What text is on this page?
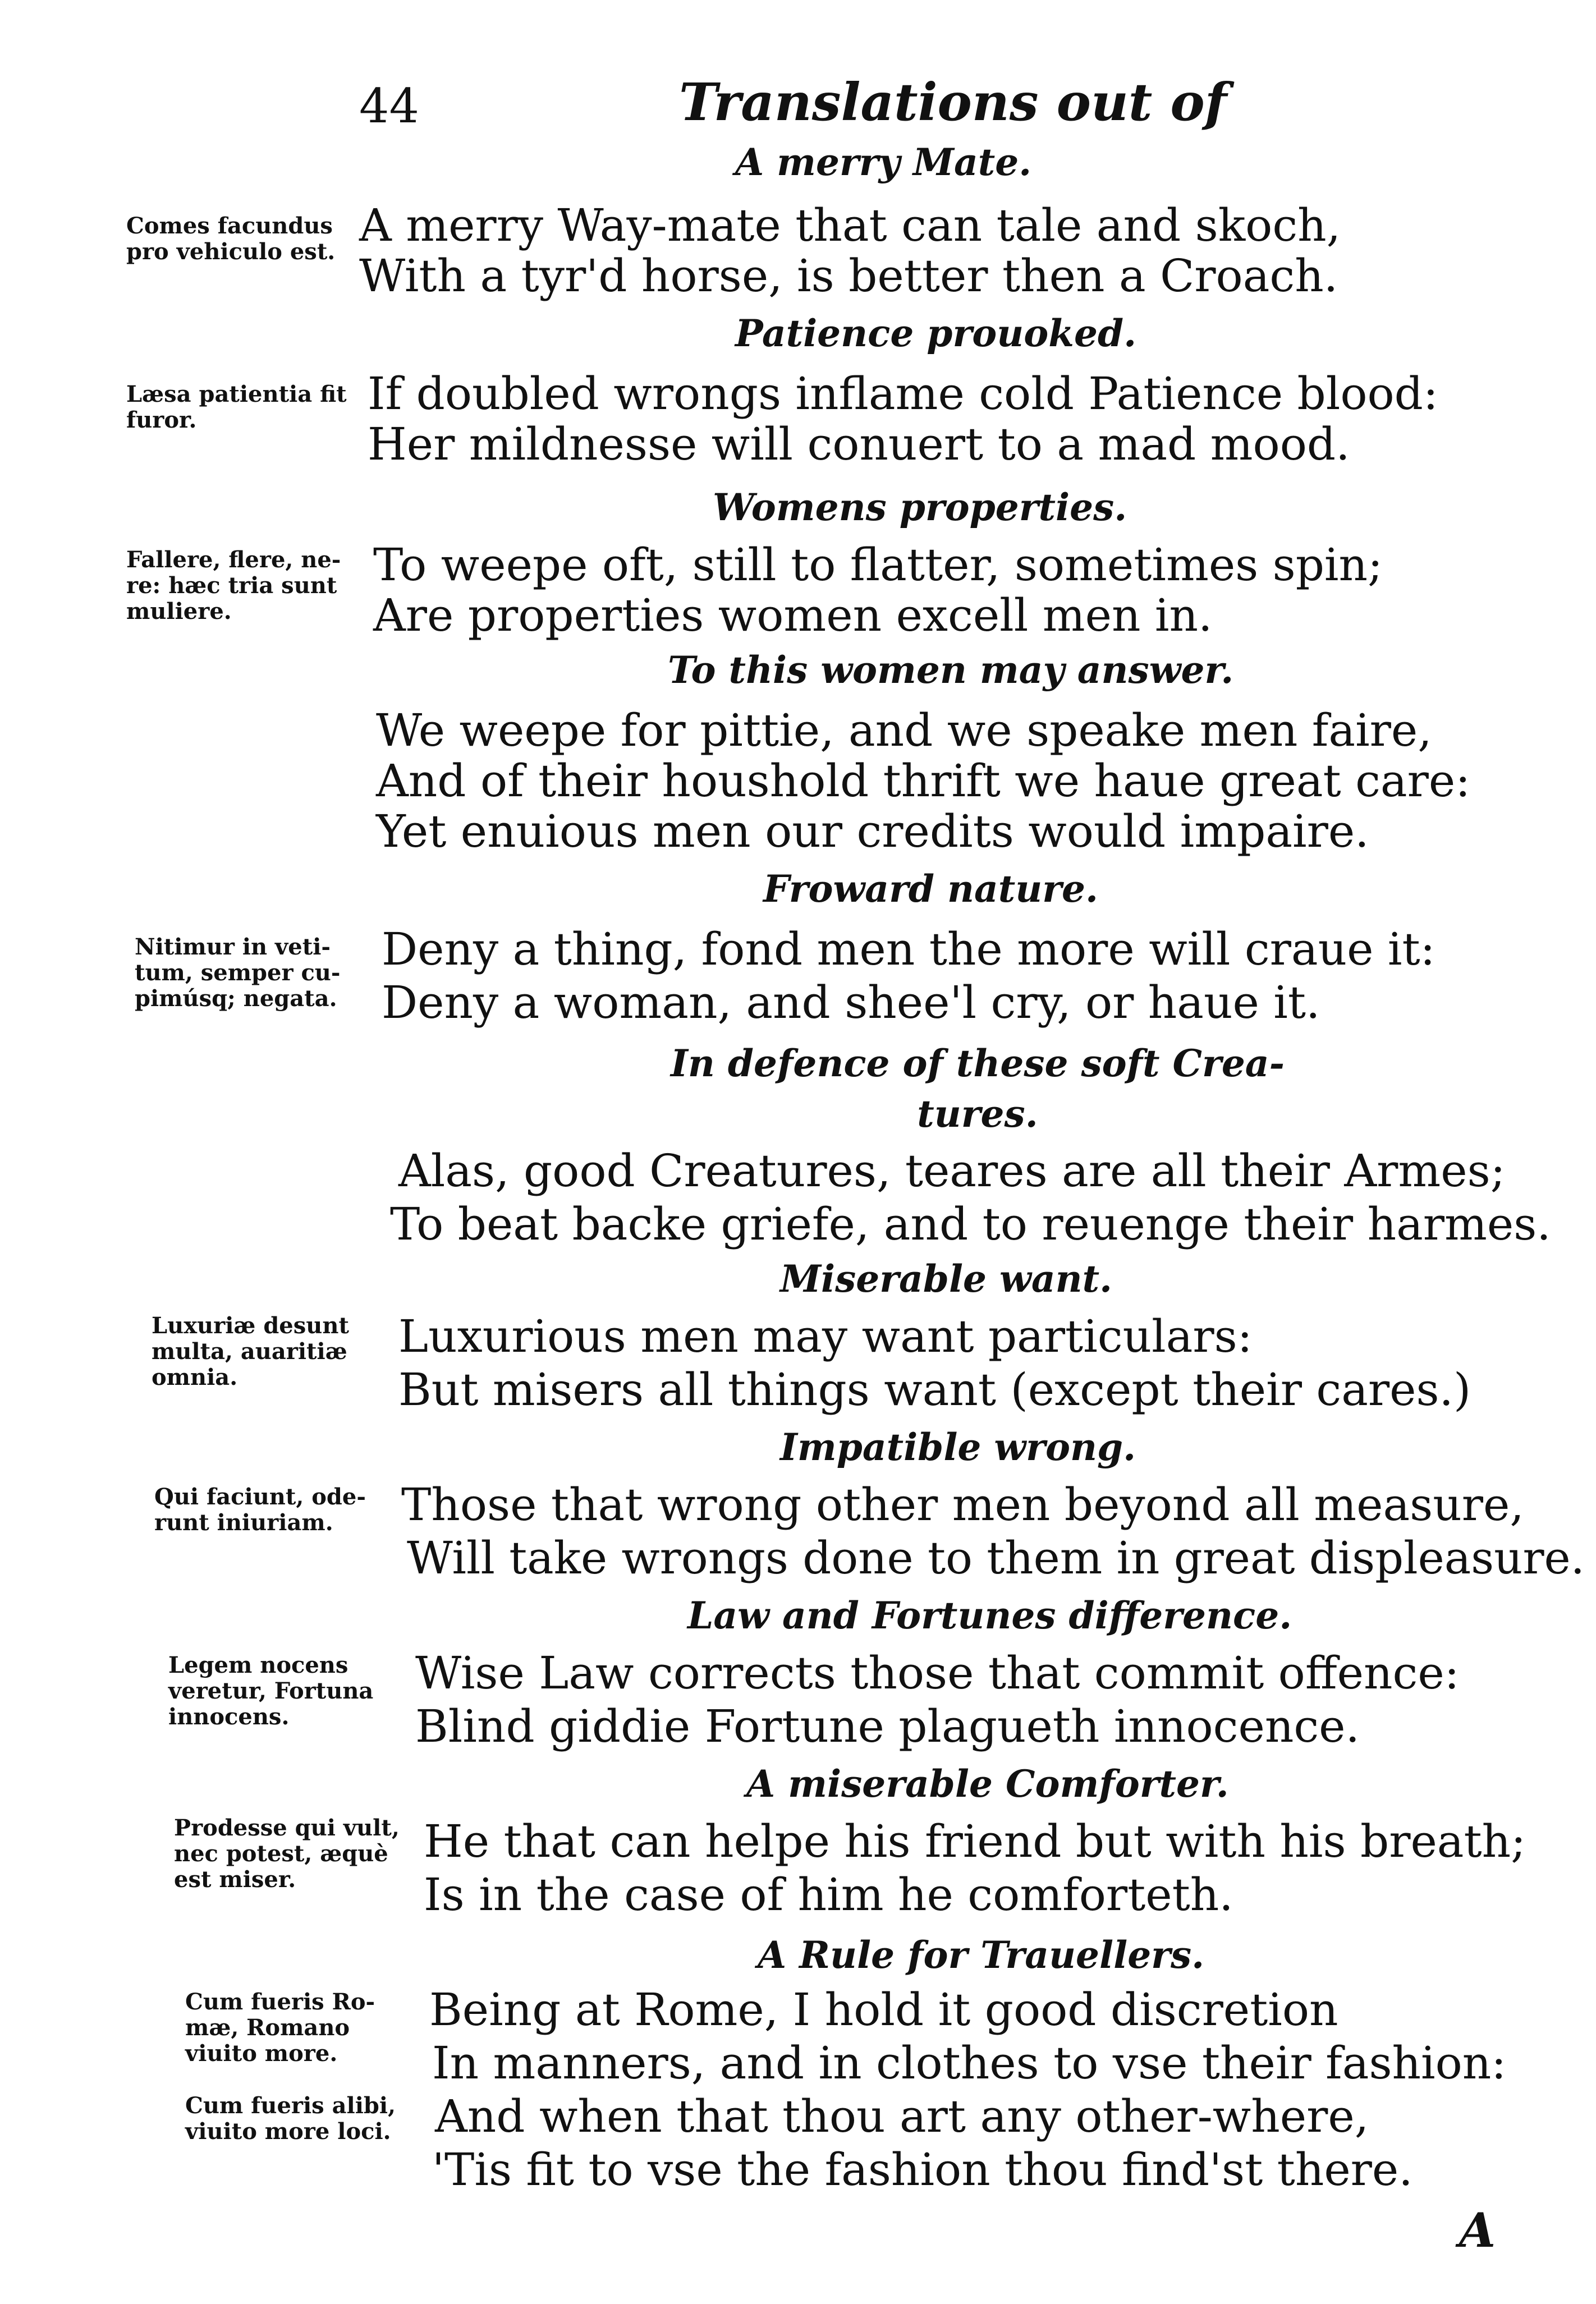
44	Translations out of
A merry Mate.
Comes facundus
pro vehiculo est.
A merry Way-mate that can tale and skoch,
With a tyr'd horse, is better then a Croach.
Patience prouoked.
Læsa patientia fit
furor.
If doubled wrongs inflame cold Patience blood:
Her mildnesse will conuert to a mad mood.
Womens properties.
Fallere, flere, ne-
re: hæc tria sunt
muliere.
To weepe oft, still to flatter, sometimes spin;
Are properties women excell men in.
To this women may answer.
We weepe for pittie, and we speake men faire,
And of their houshold thrift we haue great care:
Yet enuious men our credits would impaire.
Froward nature.
Nitimur in veti-
tum, semper cu-
pimúsq; negata.
Deny a thing, fond men the more will craue it:
Deny a woman, and shee'l cry, or haue it.
In defence of these soft Crea-
tures.
Alas, good Creatures, teares are all their Armes;
To beat backe griefe, and to reuenge their harmes.
Miserable want.
Luxuriæ desunt
multa, auaritiæ
omnia.
Luxurious men may want particulars:
But misers all things want (except their cares.)
Impatible wrong.
Qui faciunt, ode-
runt iniuriam.	Those that wrong other men beyond all measure,
Will take wrongs done to them in great displeasure.
Law and Fortunes difference.
Legem nocens
veretur, Fortuna
innocens.
Wise Law corrects those that commit offence:
Blind giddie Fortune plagueth innocence.
A miserable Comforter.
Prodesse qui vult,
nec potest, æquè
est miser.
He that can helpe his friend but with his breath;
Is in the case of him he comforteth.
A Rule for Trauellers.
Cum fueris Ro-
mæ, Romano
viuito more.
Cum fueris alibi,
viuito more loci.
Being at Rome, I hold it good discretion
In manners, and in clothes to vse their fashion:
And when that thou art any other-where,
'Tis fit to vse the fashion thou find'st there.
A
